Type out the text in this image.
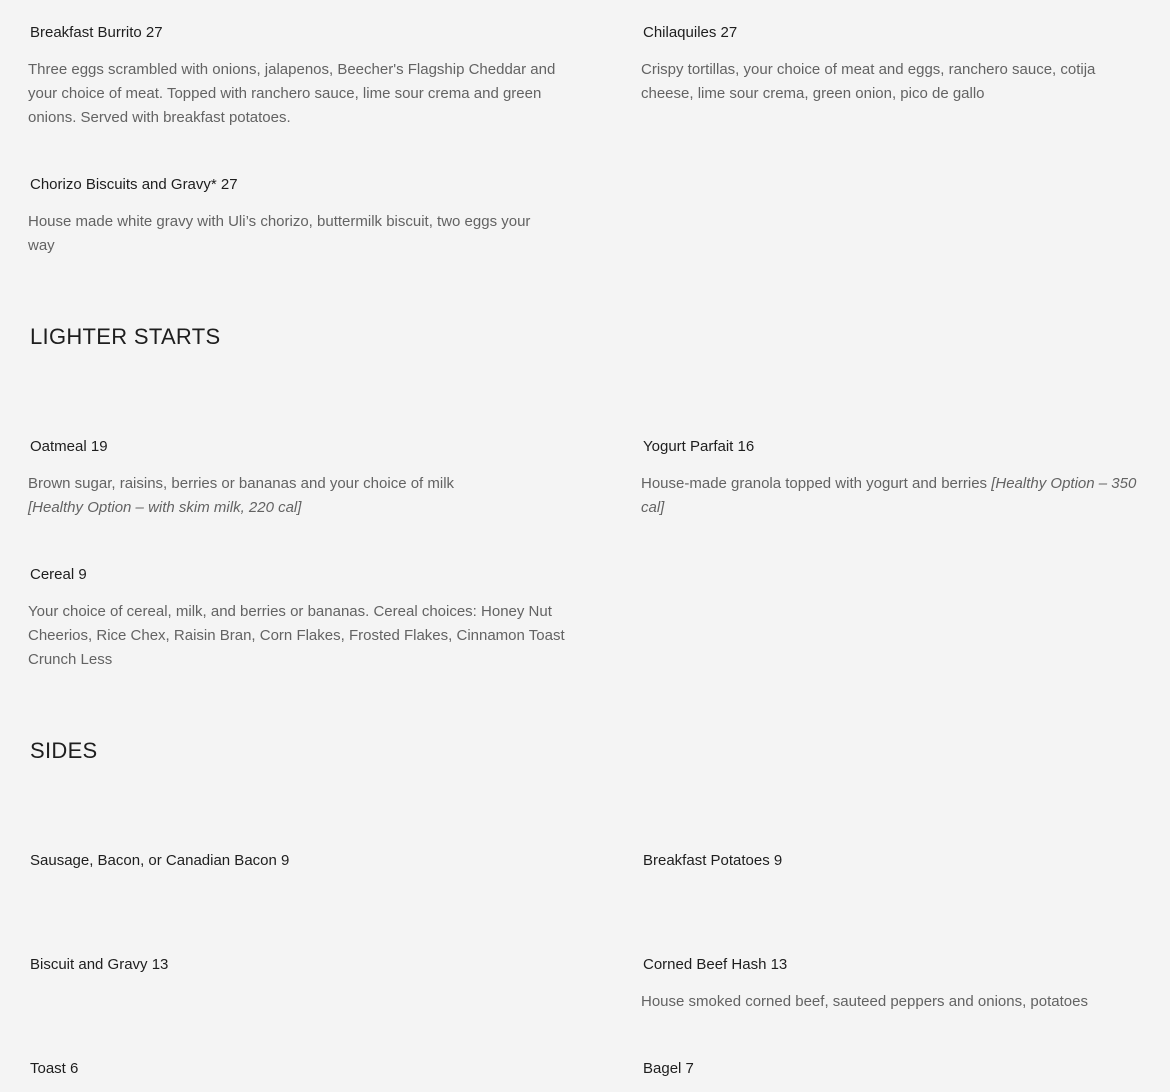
Breakfast Burrito 27
Three eggs scrambled with onions, jalapenos, Beecher's Flagship Cheddar and your choice of meat. Topped with ranchero sauce, lime sour crema and green onions. Served with breakfast potatoes.
Chilaquiles 27
Crispy tortillas, your choice of meat and eggs, ranchero sauce, cotija cheese, lime sour crema, green onion, pico de gallo
Chorizo Biscuits and Gravy* 27
House made white gravy with Uli’s chorizo, buttermilk biscuit, two eggs your way
LIGHTER STARTS
Oatmeal 19
Brown sugar, raisins, berries or bananas and your choice of milk
[Healthy Option – with skim milk, 220 cal]
Yogurt Parfait 16
House-made granola topped with yogurt and berries [Healthy Option – 350 cal]
Cereal 9
Your choice of cereal, milk, and berries or bananas. Cereal choices: Honey Nut Cheerios, Rice Chex, Raisin Bran, Corn Flakes, Frosted Flakes, Cinnamon Toast Crunch Less
SIDES
Sausage, Bacon, or Canadian Bacon 9	Breakfast Potatoes 9
Biscuit and Gravy 13	Corned Beef Hash 13
House smoked corned beef, sauteed peppers and onions, potatoes
Toast 6	Bagel 7
